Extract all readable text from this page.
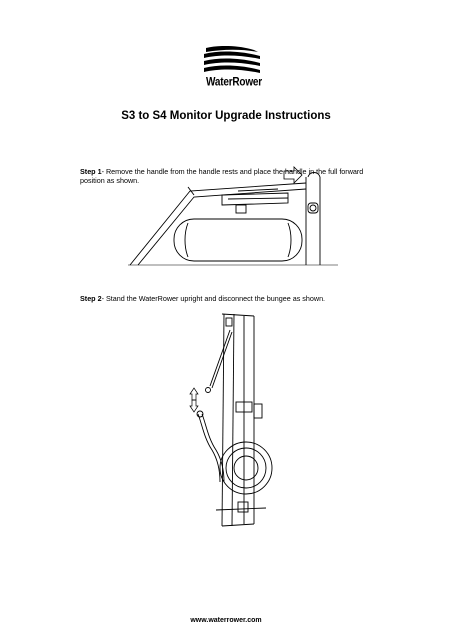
WaterRower
S3 to S4 Monitor Upgrade Instructions
Step 1- Remove the handle from the handle rests and place the handle in the full forward position as shown.
Step 2- Stand the WaterRower upright and disconnect the bungee as shown.
www.waterrower.com
